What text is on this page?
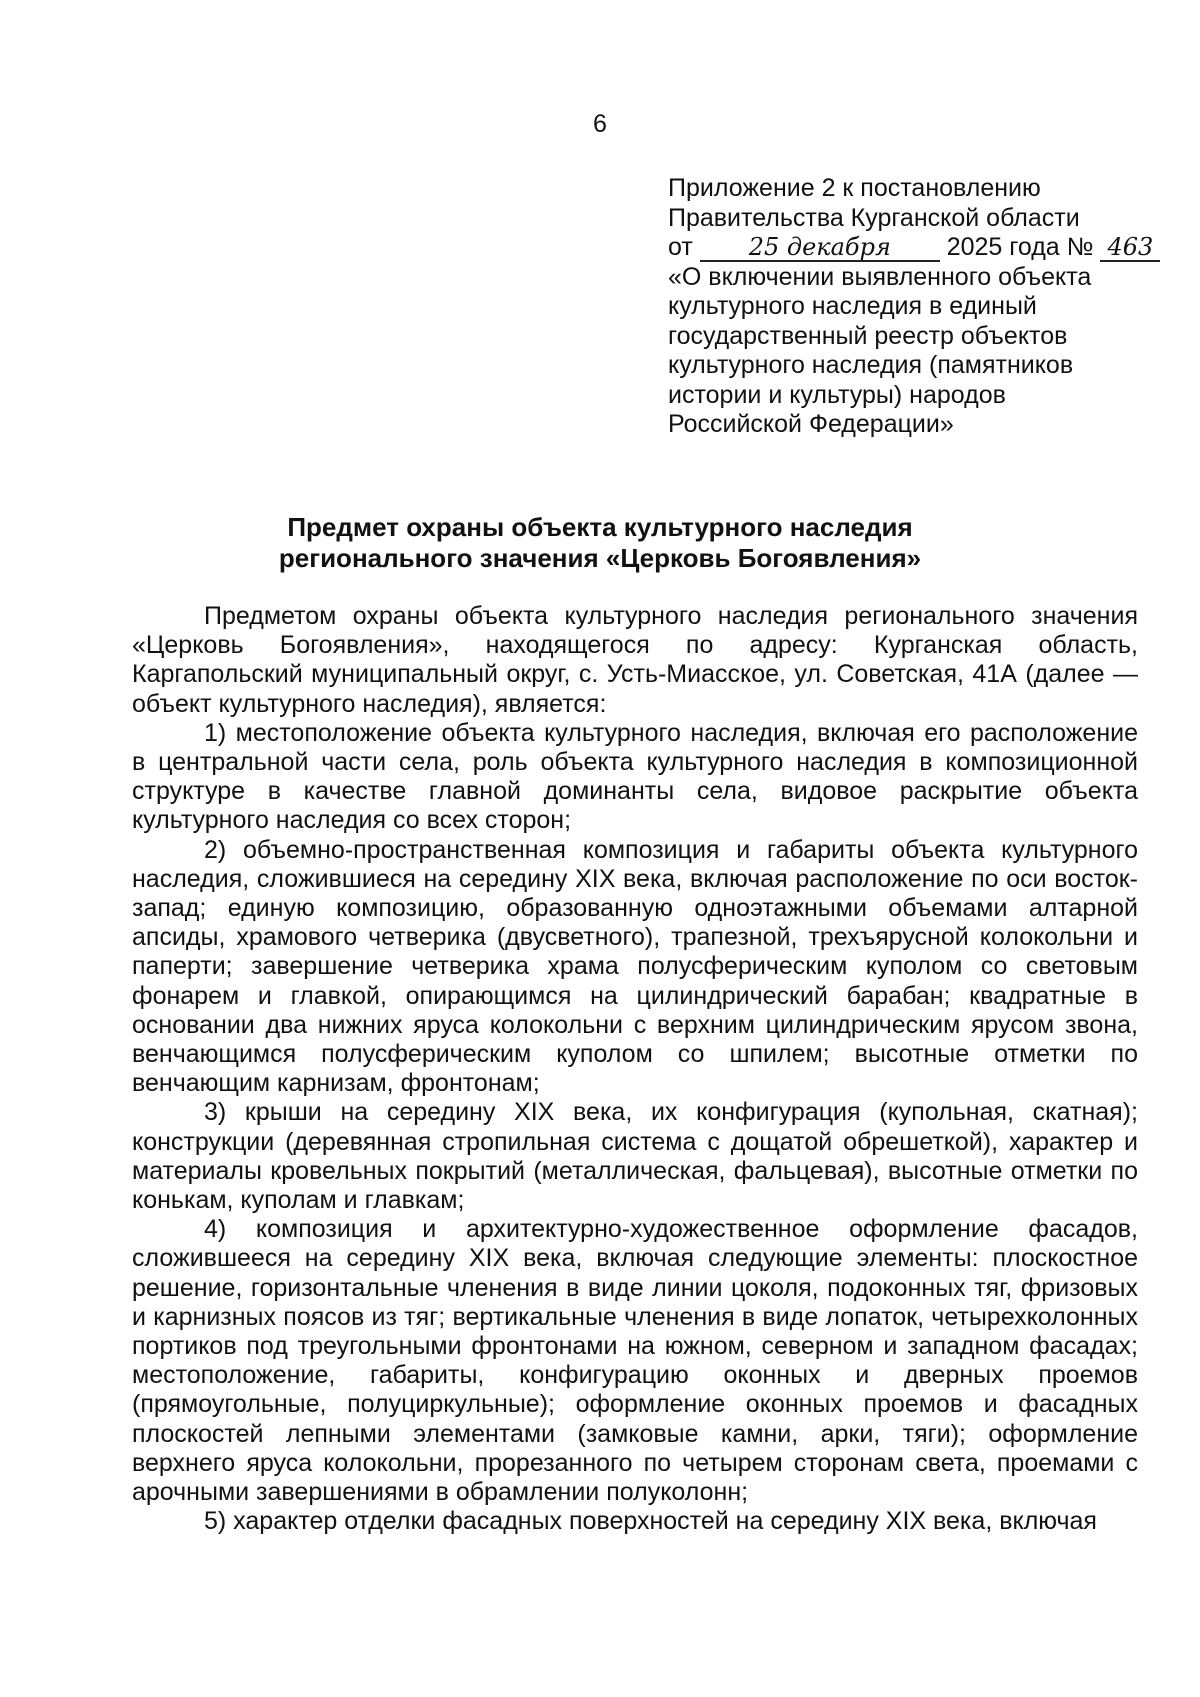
6
Приложение 2 к постановлению
Правительства Курганской области
от 25 декабря 2025 года № 463
«О включении выявленного объекта
культурного наследия в единый
государственный реестр объектов
культурного наследия (памятников
истории и культуры) народов
Российской Федерации»
Предмет охраны объекта культурного наследия
регионального значения «Церковь Богоявления»

Предметом охраны объекта культурного наследия регионального значения «Церковь Богоявления», находящегося по адресу: Курганская область, Каргапольский муниципальный округ, с. Усть-Миасское, ул. Советская, 41А (далее — объект культурного наследия), является:

1) местоположение объекта культурного наследия, включая его расположение в центральной части села, роль объекта культурного наследия в композиционной структуре в качестве главной доминанты села, видовое раскрытие объекта культурного наследия со всех сторон;

2) объемно-пространственная композиция и габариты объекта культурного наследия, сложившиеся на середину XIX века, включая расположение по оси восток-запад; единую композицию, образованную одноэтажными объемами алтарной апсиды, храмового четверика (двусветного), трапезной, трехъярусной колокольни и паперти; завершение четверика храма полусферическим куполом со световым фонарем и главкой, опирающимся на цилиндрический барабан; квадратные в основании два нижних яруса колокольни с верхним цилиндрическим ярусом звона, венчающимся полусферическим куполом со шпилем; высотные отметки по венчающим карнизам, фронтонам;

3) крыши на середину XIX века, их конфигурация (купольная, скатная); конструкции (деревянная стропильная система с дощатой обрешеткой), характер и материалы кровельных покрытий (металлическая, фальцевая), высотные отметки по конькам, куполам и главкам;

4) композиция и архитектурно-художественное оформление фасадов, сложившееся на середину XIX века, включая следующие элементы: плоскостное решение, горизонтальные членения в виде линии цоколя, подоконных тяг, фризовых и карнизных поясов из тяг; вертикальные членения в виде лопаток, четырехколонных портиков под треугольными фронтонами на южном, северном и западном фасадах; местоположение, габариты, конфигурацию оконных и дверных проемов (прямоугольные, полуциркульные); оформление оконных проемов и фасадных плоскостей лепными элементами (замковые камни, арки, тяги); оформление верхнего яруса колокольни, прорезанного по четырем сторонам света, проемами с арочными завершениями в обрамлении полуколонн;

5) характер отделки фасадных поверхностей на середину XIX века, включая
